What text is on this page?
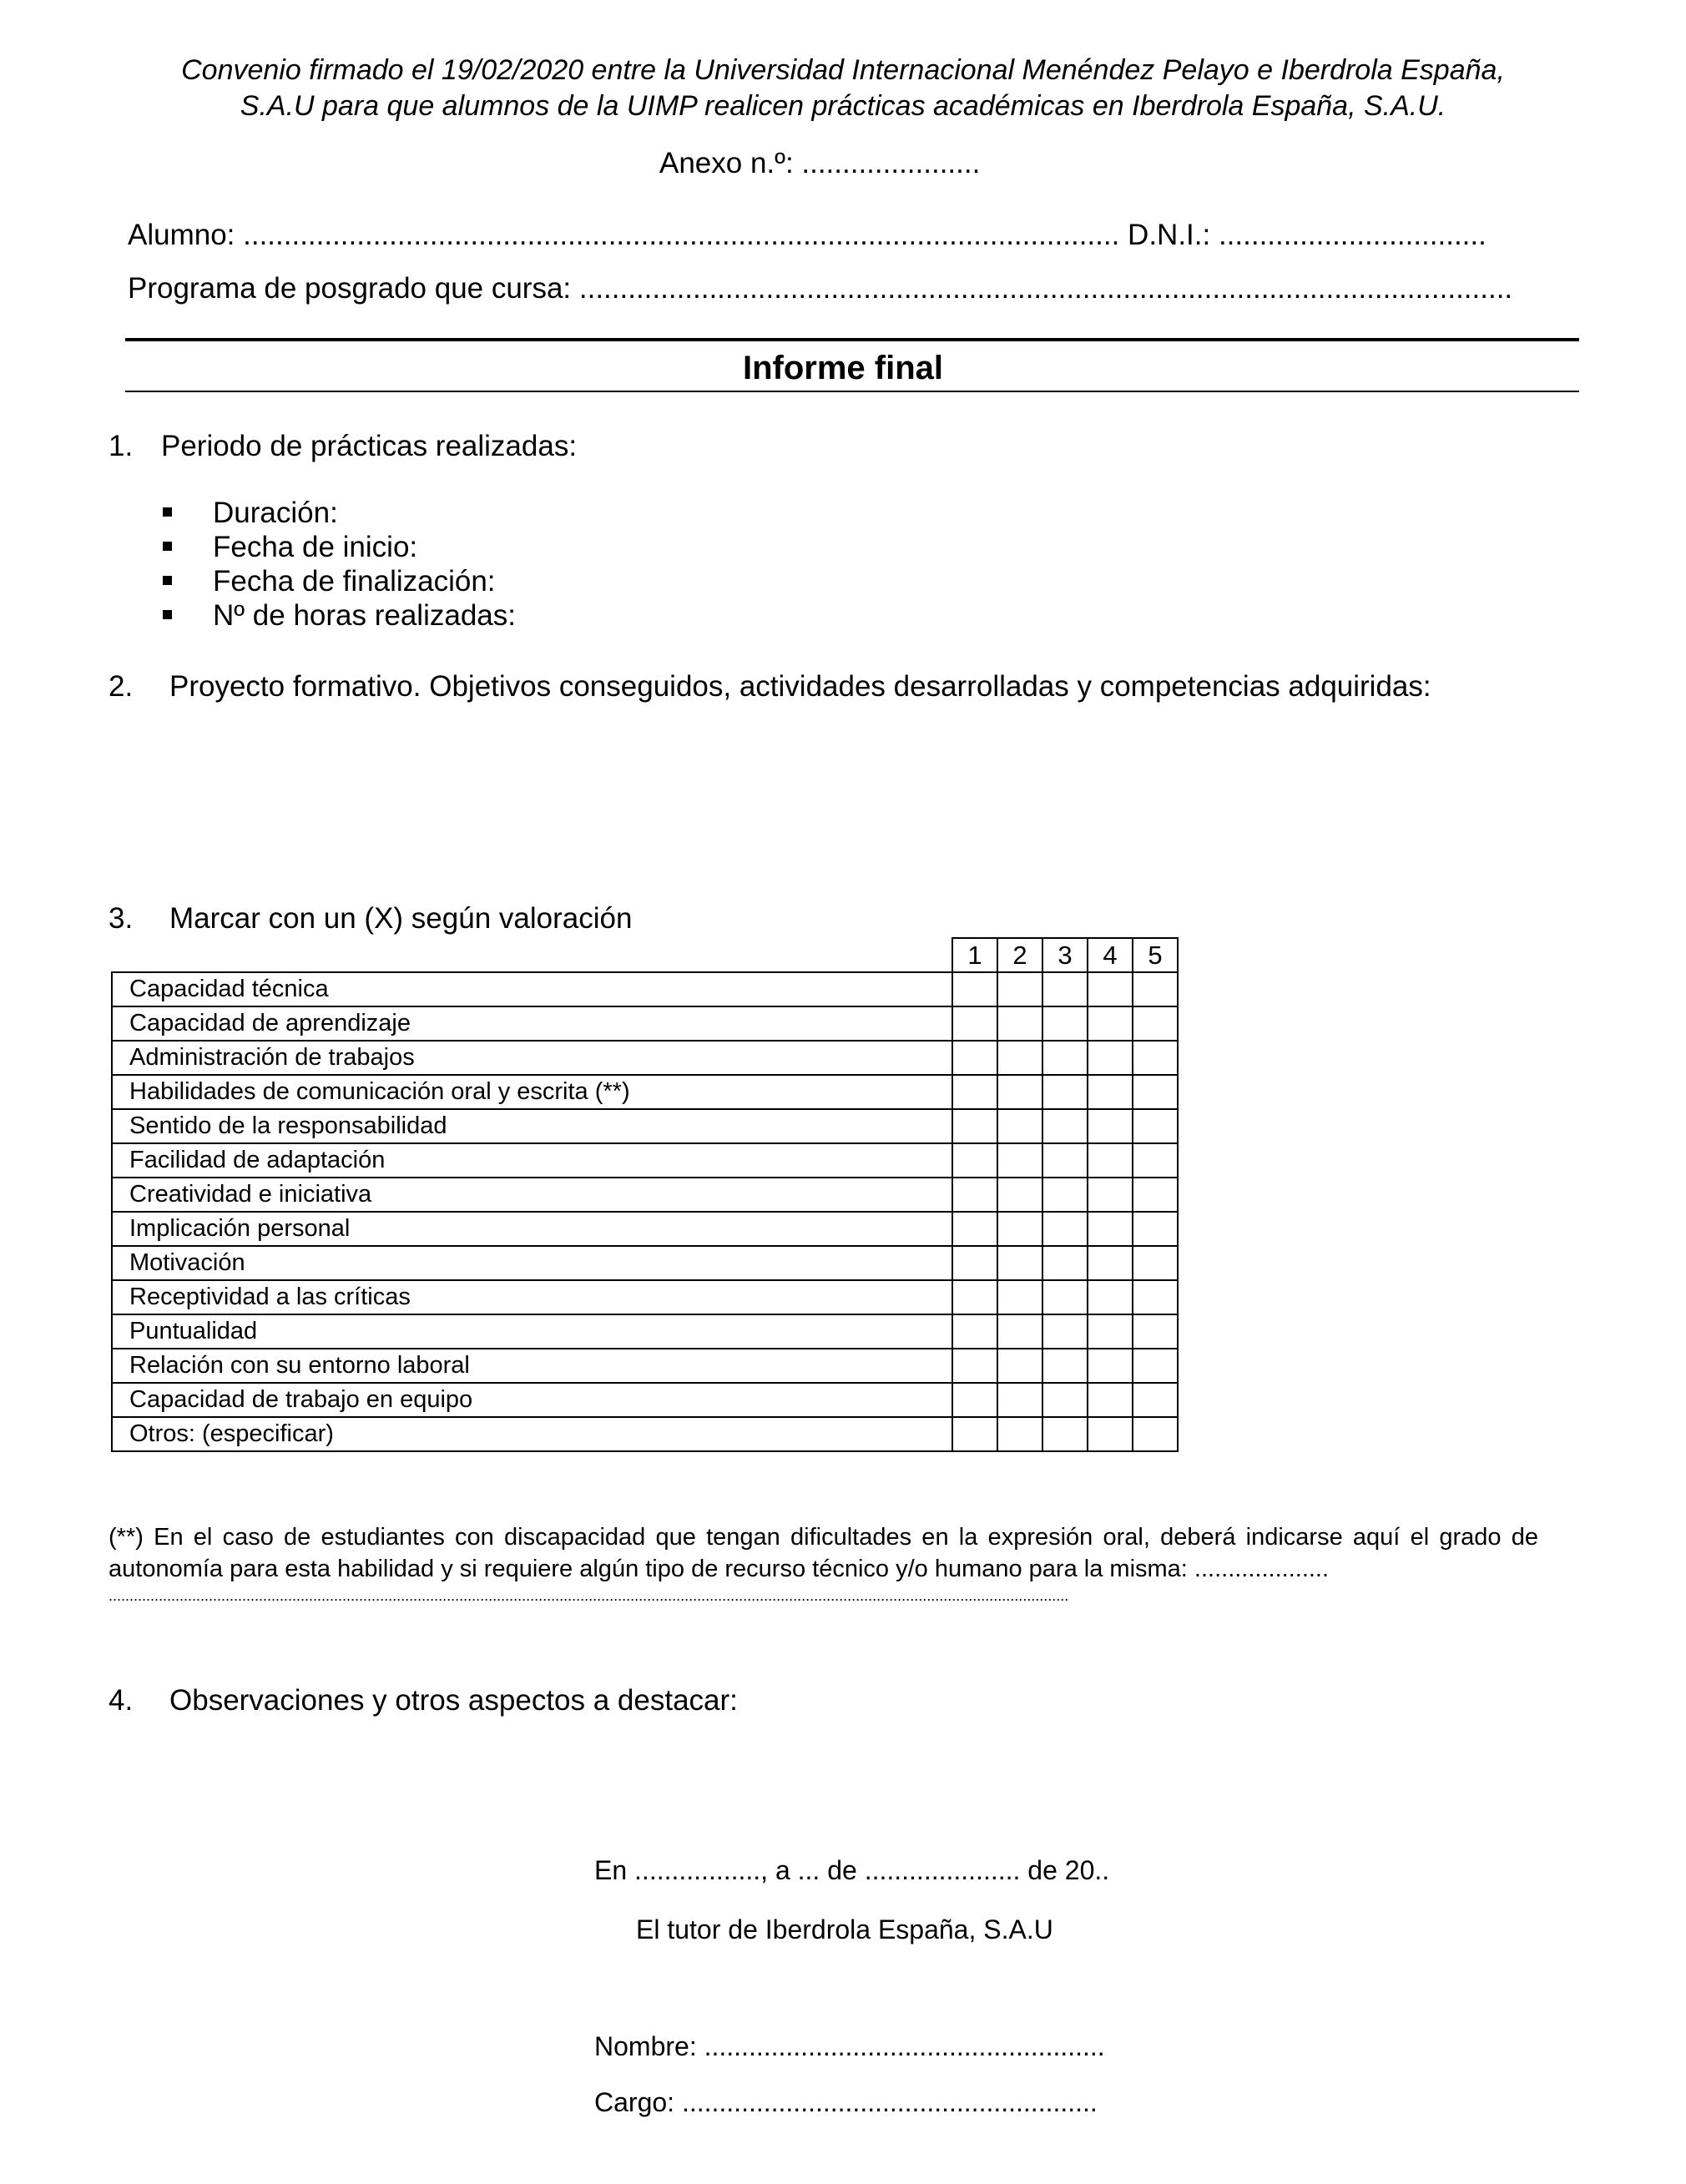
Convenio firmado el 19/02/2020 entre la Universidad Internacional Menéndez Pelayo e Iberdrola España,
S.A.U para que alumnos de la UIMP realicen prácticas académicas en Iberdrola España, S.A.U.
Anexo n.º: ......................
Alumno: ............................................................................................................ D.N.I.: .................................
Programa de posgrado que cursa: ...................................................................................................................
Informe final
1. Periodo de prácticas realizadas:
Duración:
Fecha de inicio:
Fecha de finalización:
Nº de horas realizadas:
2. Proyecto formativo. Objetivos conseguidos, actividades desarrolladas y competencias adquiridas:
3. Marcar con un (X) según valoración
	1	2	3	4	5
Capacidad técnica					
Capacidad de aprendizaje					
Administración de trabajos					
Habilidades de comunicación oral y escrita (**)					
Sentido de la responsabilidad					
Facilidad de adaptación					
Creatividad e iniciativa					
Implicación personal					
Motivación					
Receptividad a las críticas					
Puntualidad					
Relación con su entorno laboral					
Capacidad de trabajo en equipo					
Otros: (especificar)					
(**) En el caso de estudiantes con discapacidad que tengan dificultades en la expresión oral, deberá indicarse aquí el grado de autonomía para esta habilidad y si requiere algún tipo de recurso técnico y/o humano para la misma: ....................
......................................................................................................................................................................................................................................
4. Observaciones y otros aspectos a destacar:
En ................., a ... de ..................... de 20..
El tutor de Iberdrola España, S.A.U
Nombre: ......................................................
Cargo: ........................................................
